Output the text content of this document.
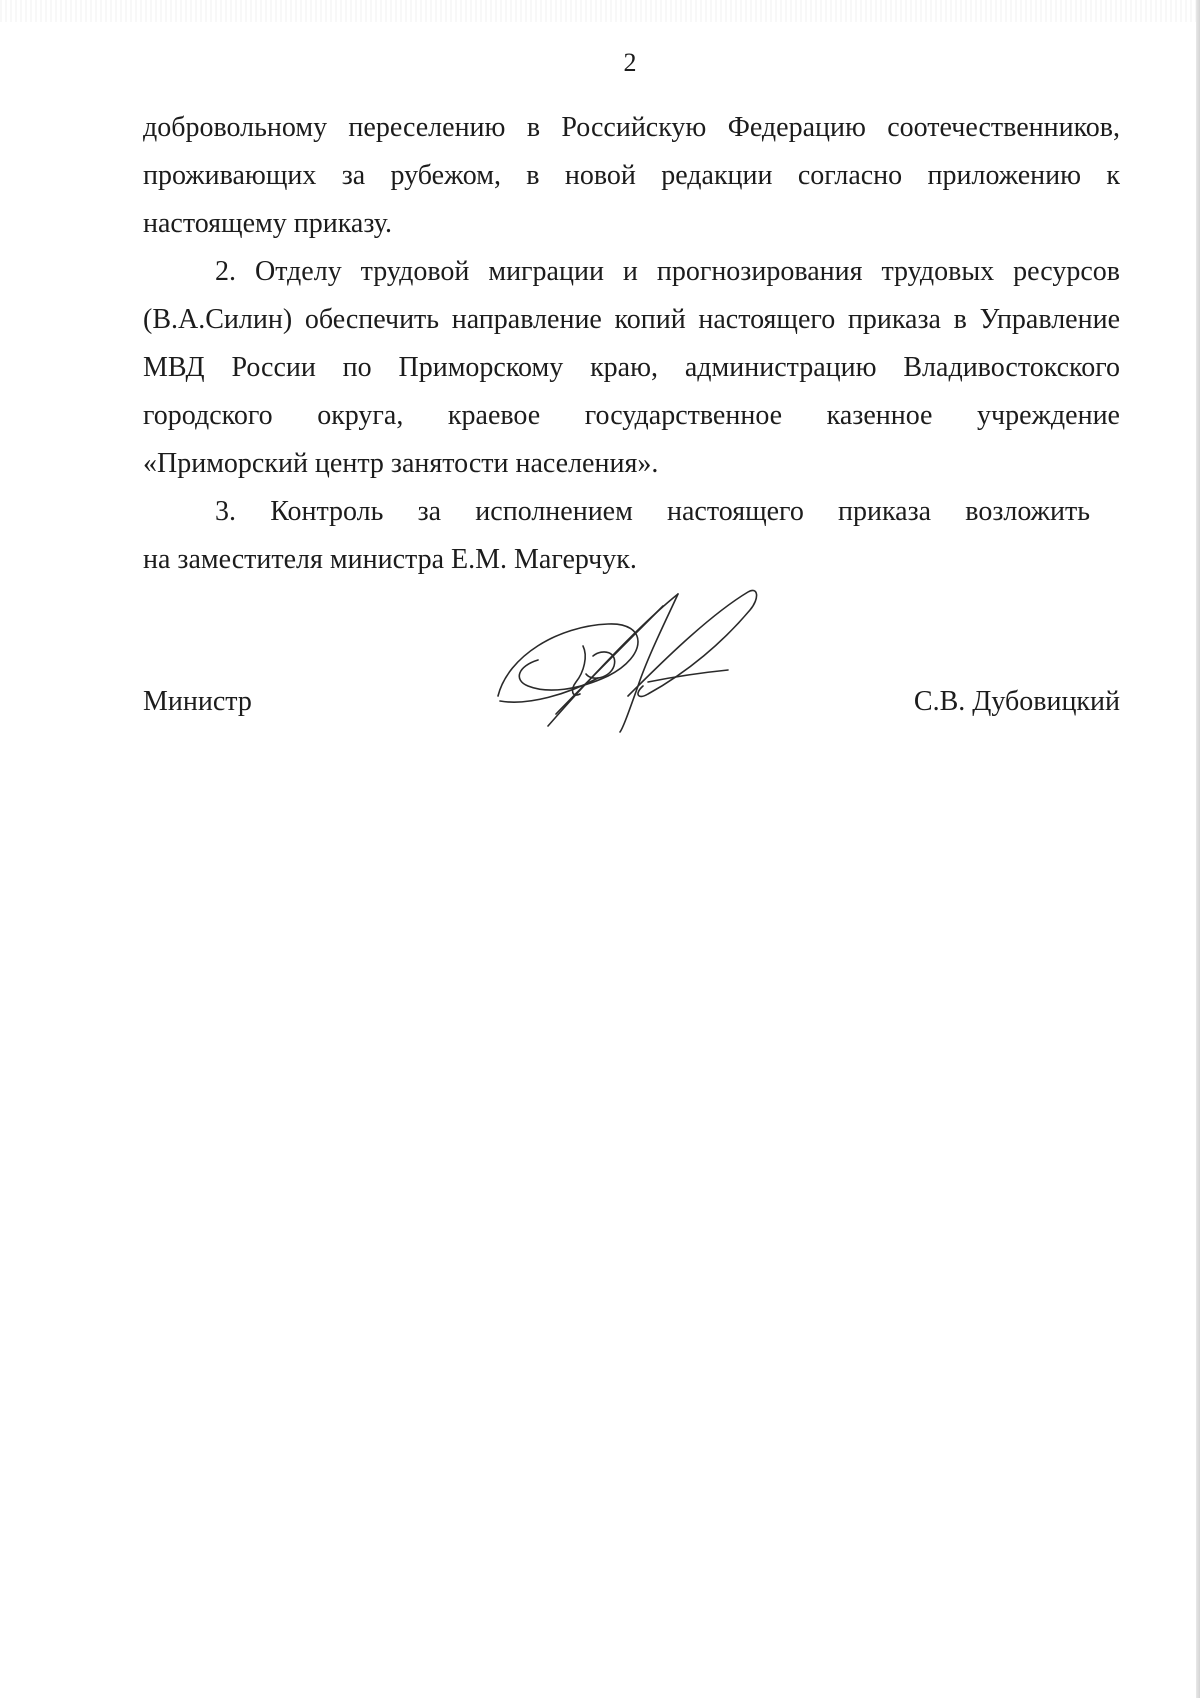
2

добровольному переселению в Российскую Федерацию соотечественников,
проживающих за рубежом, в новой редакции согласно приложению к
настоящему приказу.

2. Отделу трудовой миграции и прогнозирования трудовых ресурсов
(В.А.Силин) обеспечить направление копий настоящего приказа в Управление
МВД России по Приморскому краю, администрацию Владивостокского
городского округа, краевое государственное казенное учреждение
«Приморский центр занятости населения».

3. Контроль за исполнением настоящего приказа возложить
на заместителя министра Е.М. Магерчук.

Министр	С.В. Дубовицкий
